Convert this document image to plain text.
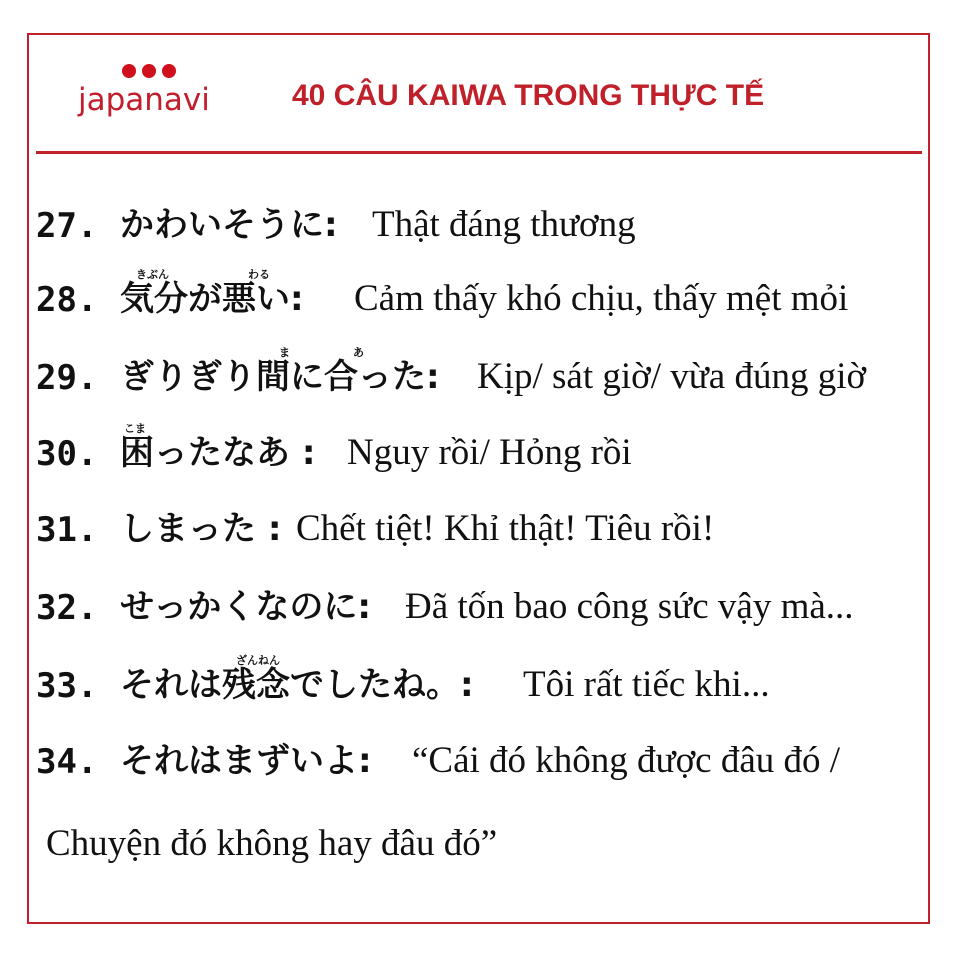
japanavi	40 CÂU KAIWA TRONG THỰC TẾ
27. かわいそうに: Thật đáng thương
きぶん	わる
28. 気分が悪い: Cảm thấy khó chịu, thấy mệt mỏi
ま	あ
29. ぎりぎり間に合った: Kịp/ sát giờ/ vừa đúng giờ
こま
30. 困ったなあ : Nguy rồi/ Hỏng rồi
31. しまった : Chết tiệt! Khỉ thật! Tiêu rồi!
32. せっかくなのに: Đã tốn bao công sức vậy mà...
ざんねん
33. それは残念でしたね。: Tôi rất tiếc khi...
34. それはまずいよ: “Cái đó không được đâu đó /
Chuyện đó không hay đâu đó”
